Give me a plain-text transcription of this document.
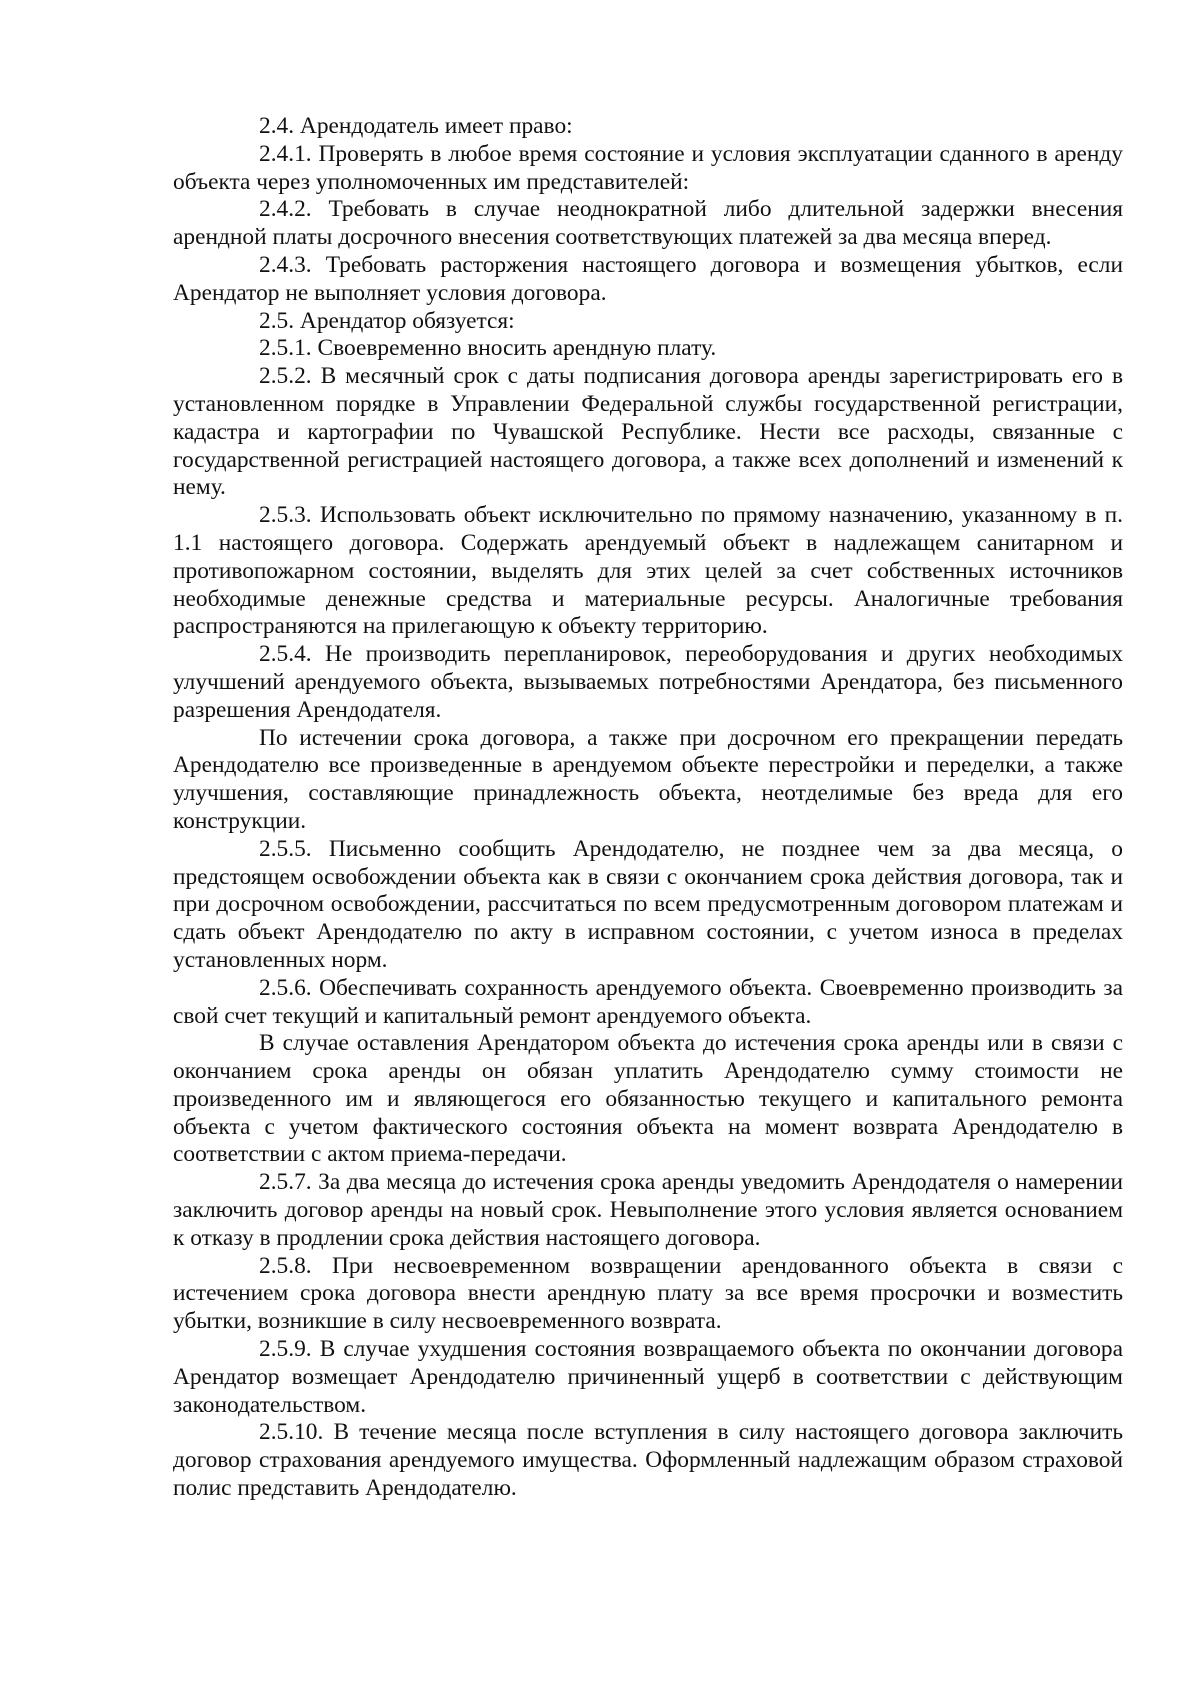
2.4. Арендодатель имеет право:

2.4.1. Проверять в любое время состояние и условия эксплуатации сданного в аренду объекта через уполномоченных им представителей:

2.4.2. Требовать в случае неоднократной либо длительной задержки внесения арендной платы досрочного внесения соответствующих платежей за два месяца вперед.

2.4.3. Требовать расторжения настоящего договора и возмещения убытков, если Арендатор не выполняет условия договора.

2.5. Арендатор обязуется:

2.5.1. Своевременно вносить арендную плату.

2.5.2. В месячный срок с даты подписания договора аренды зарегистрировать его в установленном порядке в Управлении Федеральной службы государственной регистрации, кадастра и картографии по Чувашской Республике. Нести все расходы, связанные с государственной регистрацией настоящего договора, а также всех дополнений и изменений к нему.

2.5.3. Использовать объект исключительно по прямому назначению, указанному в п. 1.1 настоящего договора. Содержать арендуемый объект в надлежащем санитарном и противопожарном состоянии, выделять для этих целей за счет собственных источников необходимые денежные средства и материальные ресурсы. Аналогичные требования распространяются на прилегающую к объекту территорию.

2.5.4. Не производить перепланировок, переоборудования и других необходимых улучшений арендуемого объекта, вызываемых потребностями Арендатора, без письменного разрешения Арендодателя.

По истечении срока договора, а также при досрочном его прекращении передать Арендодателю все произведенные в арендуемом объекте перестройки и переделки, а также улучшения, составляющие принадлежность объекта, неотделимые без вреда для его конструкции.

2.5.5. Письменно сообщить Арендодателю, не позднее чем за два месяца, о предстоящем освобождении объекта как в связи с окончанием срока действия договора, так и при досрочном освобождении, рассчитаться по всем предусмотренным договором платежам и сдать объект Арендодателю по акту в исправном состоянии, с учетом износа в пределах установленных норм.

2.5.6. Обеспечивать сохранность арендуемого объекта. Своевременно производить за свой счет текущий и капитальный ремонт арендуемого объекта.

В случае оставления Арендатором объекта до истечения срока аренды или в связи с окончанием срока аренды он обязан уплатить Арендодателю сумму стоимости не произведенного им и являющегося его обязанностью текущего и капитального ремонта объекта с учетом фактического состояния объекта на момент возврата Арендодателю в соответствии с актом приема-передачи.

2.5.7. За два месяца до истечения срока аренды уведомить Арендодателя о намерении заключить договор аренды на новый срок. Невыполнение этого условия является основанием к отказу в продлении срока действия настоящего договора.

2.5.8. При несвоевременном возвращении арендованного объекта в связи с истечением срока договора внести арендную плату за все время просрочки и возместить убытки, возникшие в силу несвоевременного возврата.

2.5.9. В случае ухудшения состояния возвращаемого объекта по окончании договора Арендатор возмещает Арендодателю причиненный ущерб в соответствии с действующим законодательством.

2.5.10. В течение месяца после вступления в силу настоящего договора заключить договор страхования арендуемого имущества. Оформленный надлежащим образом страховой полис представить Арендодателю.
